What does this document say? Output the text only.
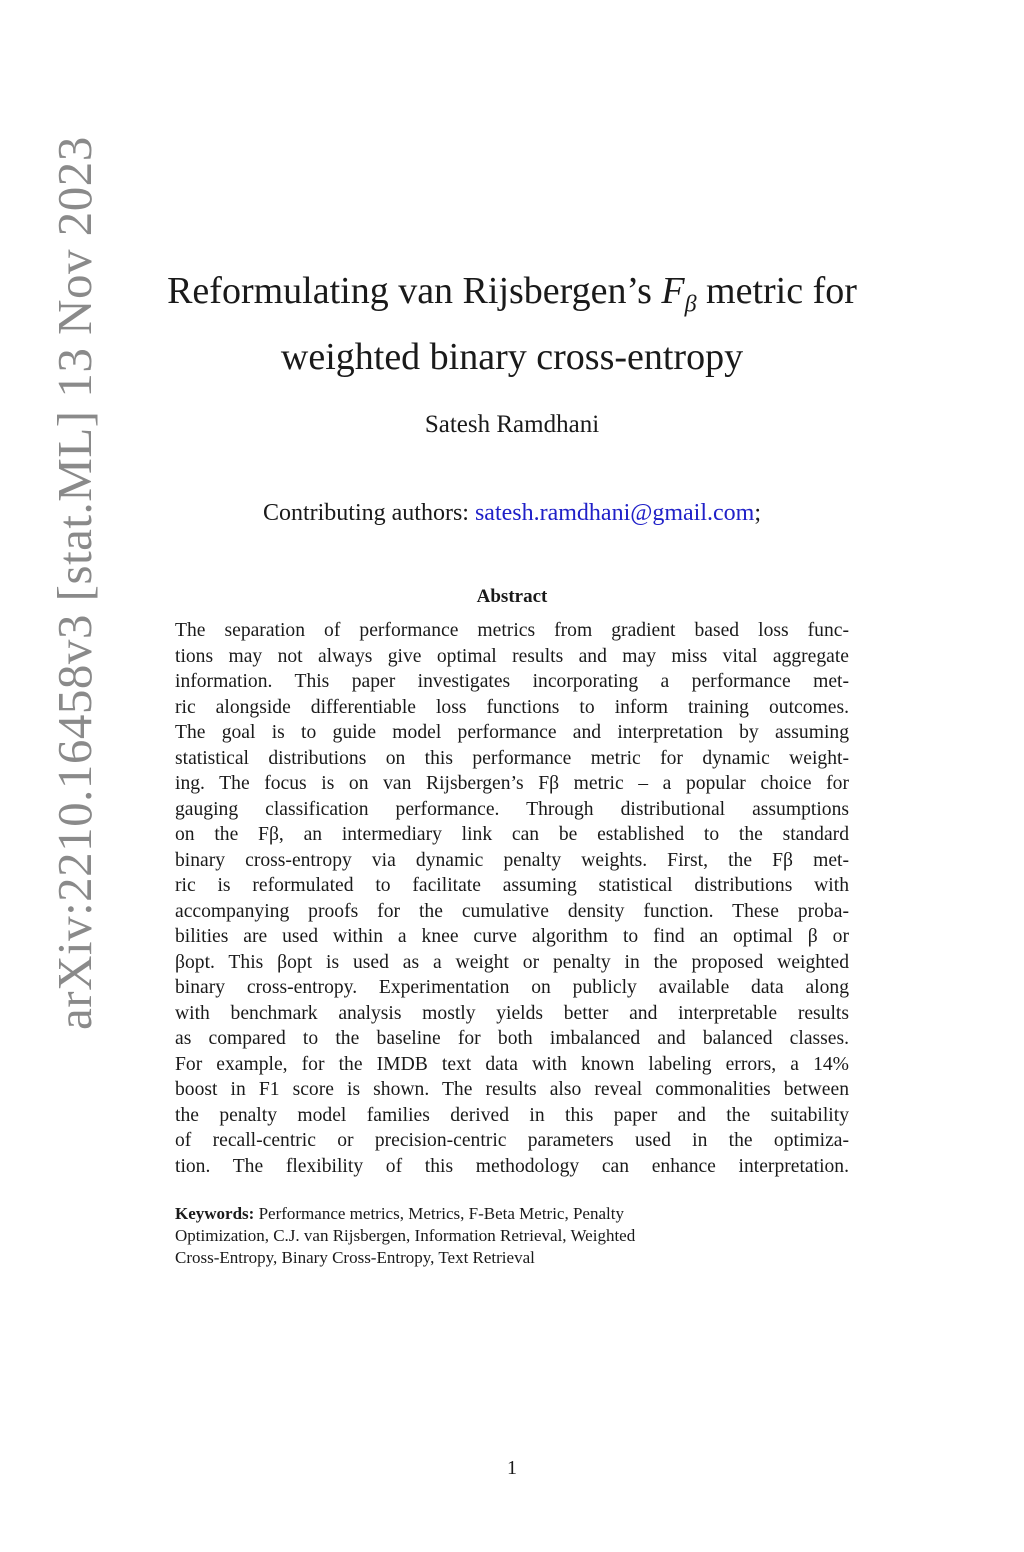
arXiv:2210.16458v3 [stat.ML] 13 Nov 2023	Reformulating van Rijsbergen’s $F_\beta$ metric for
weighted binary cross-entropy
Satesh Ramdhani
Contributing authors: satesh.ramdhani@gmail.com;
Abstract
The separation of performance metrics from gradient based loss func-
tions may not always give optimal results and may miss vital aggregate
information. This paper investigates incorporating a performance met-
ric alongside differentiable loss functions to inform training outcomes.
The goal is to guide model performance and interpretation by assuming
statistical distributions on this performance metric for dynamic weight-
ing. The focus is on van Rijsbergen’s Fβ metric – a popular choice for
gauging classification performance. Through distributional assumptions
on the Fβ, an intermediary link can be established to the standard
binary cross-entropy via dynamic penalty weights. First, the Fβ met-
ric is reformulated to facilitate assuming statistical distributions with
accompanying proofs for the cumulative density function. These proba-
bilities are used within a knee curve algorithm to find an optimal β or
βopt. This βopt is used as a weight or penalty in the proposed weighted
binary cross-entropy. Experimentation on publicly available data along
with benchmark analysis mostly yields better and interpretable results
as compared to the baseline for both imbalanced and balanced classes.
For example, for the IMDB text data with known labeling errors, a 14%
boost in F1 score is shown. The results also reveal commonalities between
the penalty model families derived in this paper and the suitability
of recall-centric or precision-centric parameters used in the optimiza-
tion. The flexibility of this methodology can enhance interpretation.
Keywords: Performance metrics, Metrics, F-Beta Metric, Penalty
Optimization, C.J. van Rijsbergen, Information Retrieval, Weighted
Cross-Entropy, Binary Cross-Entropy, Text Retrieval
1
